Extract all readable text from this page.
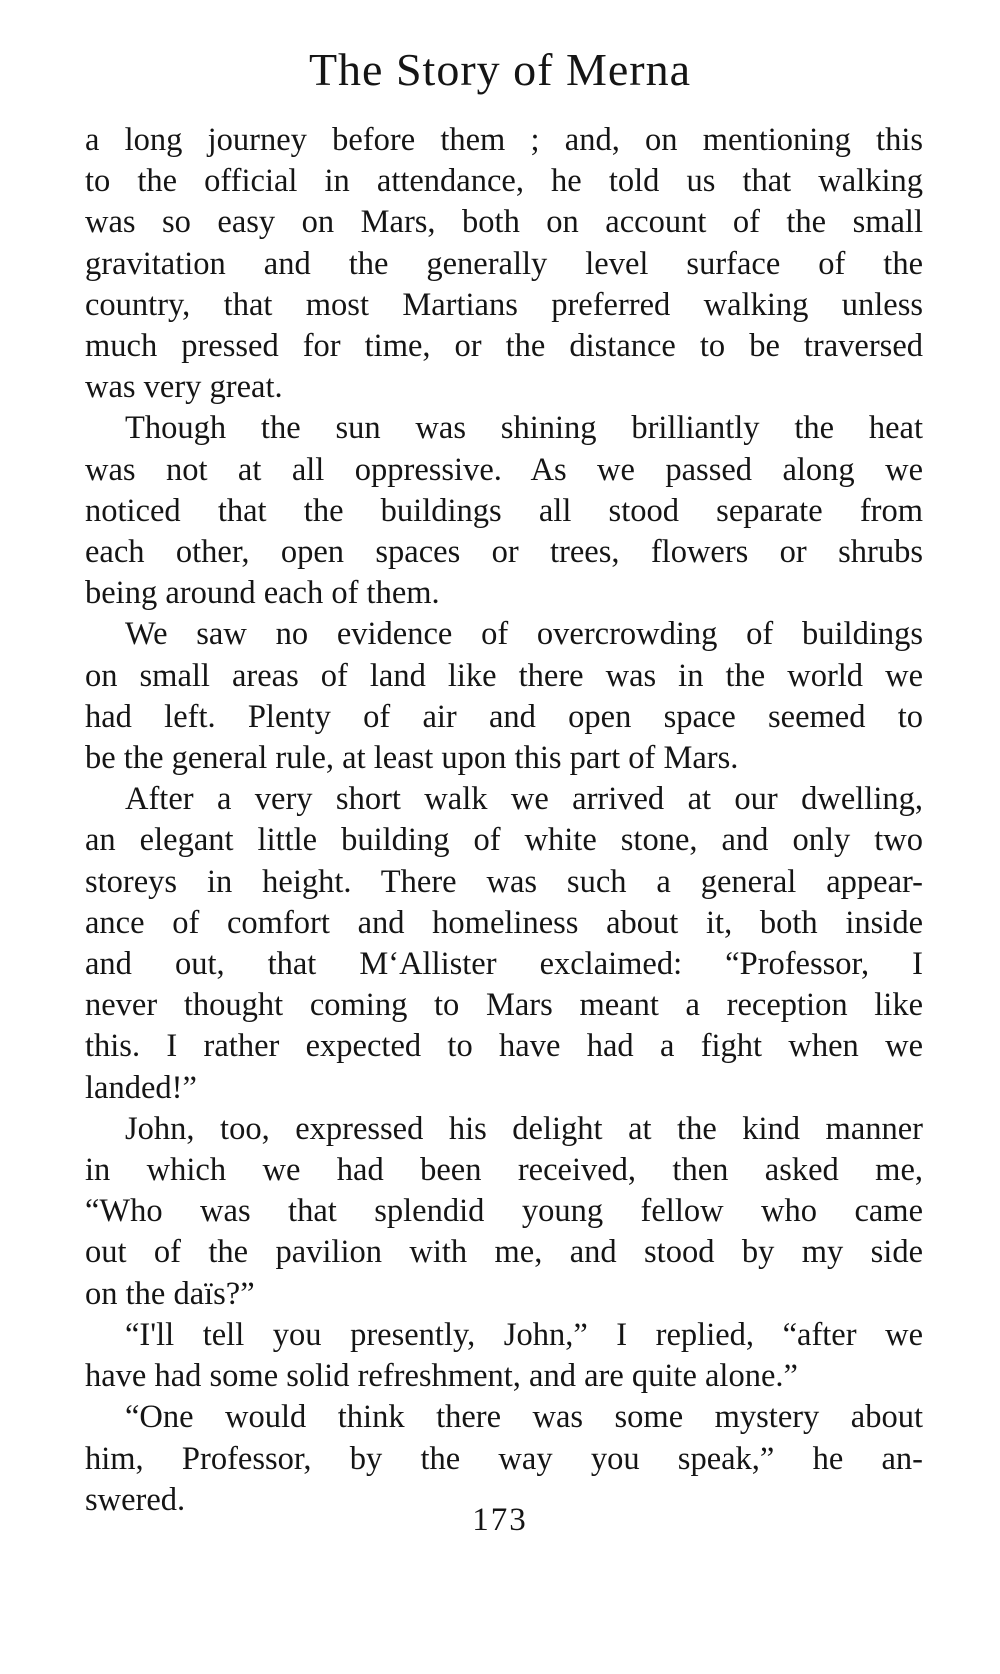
The Story of Merna
a long journey before them ; and, on mentioning this
to the official in attendance, he told us that walking
was so easy on Mars, both on account of the small
gravitation and the generally level surface of the
country, that most Martians preferred walking unless
much pressed for time, or the distance to be traversed
was very great.
Though the sun was shining brilliantly the heat
was not at all oppressive. As we passed along we
noticed that the buildings all stood separate from
each other, open spaces or trees, flowers or shrubs
being around each of them.
We saw no evidence of overcrowding of buildings
on small areas of land like there was in the world we
had left. Plenty of air and open space seemed to
be the general rule, at least upon this part of Mars.
After a very short walk we arrived at our dwelling,
an elegant little building of white stone, and only two
storeys in height. There was such a general appear-
ance of comfort and homeliness about it, both inside
and out, that M‘Allister exclaimed: “Professor, I
never thought coming to Mars meant a reception like
this. I rather expected to have had a fight when we
landed!”
John, too, expressed his delight at the kind manner
in which we had been received, then asked me,
“Who was that splendid young fellow who came
out of the pavilion with me, and stood by my side
on the daïs?”
“I'll tell you presently, John,” I replied, “after we
have had some solid refreshment, and are quite alone.”
“One would think there was some mystery about
him, Professor, by the way you speak,” he an-
swered.
173
